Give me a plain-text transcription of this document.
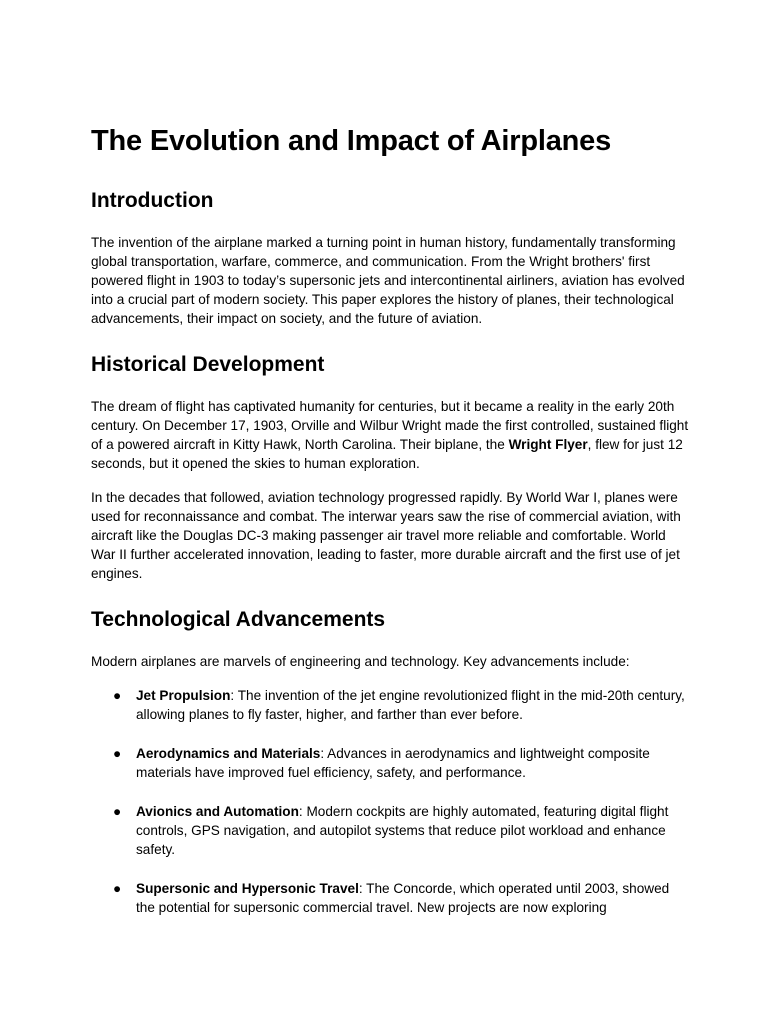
The Evolution and Impact of Airplanes
Introduction

The invention of the airplane marked a turning point in human history, fundamentally transforming global transportation, warfare, commerce, and communication. From the Wright brothers' first powered flight in 1903 to today’s supersonic jets and intercontinental airliners, aviation has evolved into a crucial part of modern society. This paper explores the history of planes, their technological advancements, their impact on society, and the future of aviation.

Historical Development

The dream of flight has captivated humanity for centuries, but it became a reality in the early 20th century. On December 17, 1903, Orville and Wilbur Wright made the first controlled, sustained flight of a powered aircraft in Kitty Hawk, North Carolina. Their biplane, the Wright Flyer, flew for just 12 seconds, but it opened the skies to human exploration.

In the decades that followed, aviation technology progressed rapidly. By World War I, planes were used for reconnaissance and combat. The interwar years saw the rise of commercial aviation, with aircraft like the Douglas DC-3 making passenger air travel more reliable and comfortable. World War II further accelerated innovation, leading to faster, more durable aircraft and the first use of jet engines.

Technological Advancements

Modern airplanes are marvels of engineering and technology. Key advancements include:

● Jet Propulsion: The invention of the jet engine revolutionized flight in the mid-20th century, allowing planes to fly faster, higher, and farther than ever before.
● Aerodynamics and Materials: Advances in aerodynamics and lightweight composite materials have improved fuel efficiency, safety, and performance.
● Avionics and Automation: Modern cockpits are highly automated, featuring digital flight controls, GPS navigation, and autopilot systems that reduce pilot workload and enhance safety.
● Supersonic and Hypersonic Travel: The Concorde, which operated until 2003, showed the potential for supersonic commercial travel. New projects are now exploring
